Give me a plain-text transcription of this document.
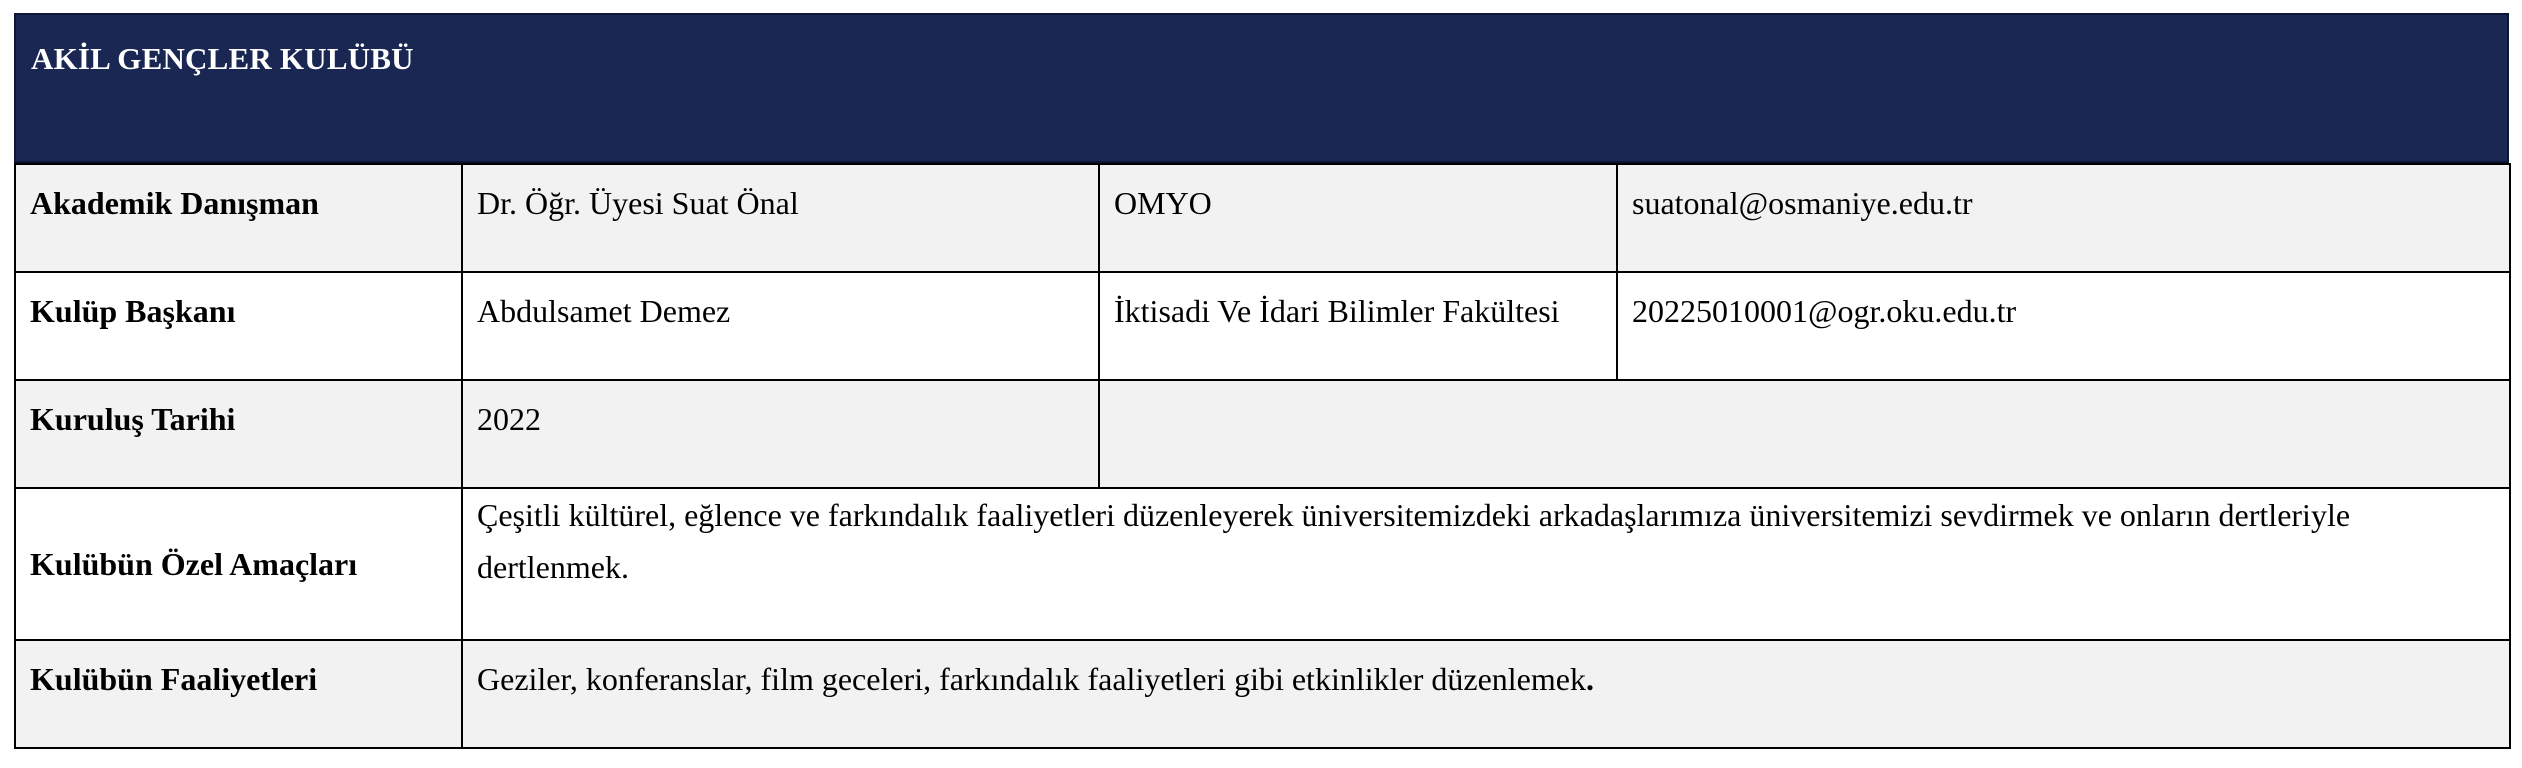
AKİL GENÇLER KULÜBÜ
Akademik Danışman	Dr. Öğr. Üyesi Suat Önal	OMYO	suatonal@osmaniye.edu.tr
Kulüp Başkanı	Abdulsamet Demez	İktisadi Ve İdari Bilimler Fakültesi	20225010001@ogr.oku.edu.tr
Kuruluş Tarihi	2022		
Kulübün Özel Amaçları	Çeşitli kültürel, eğlence ve farkındalık faaliyetleri düzenleyerek üniversitemizdeki arkadaşlarımıza üniversitemizi sevdirmek ve onların dertleriyle dertlenmek.		
Kulübün Faaliyetleri	Geziler, konferanslar, film geceleri, farkındalık faaliyetleri gibi etkinlikler düzenlemek.		
